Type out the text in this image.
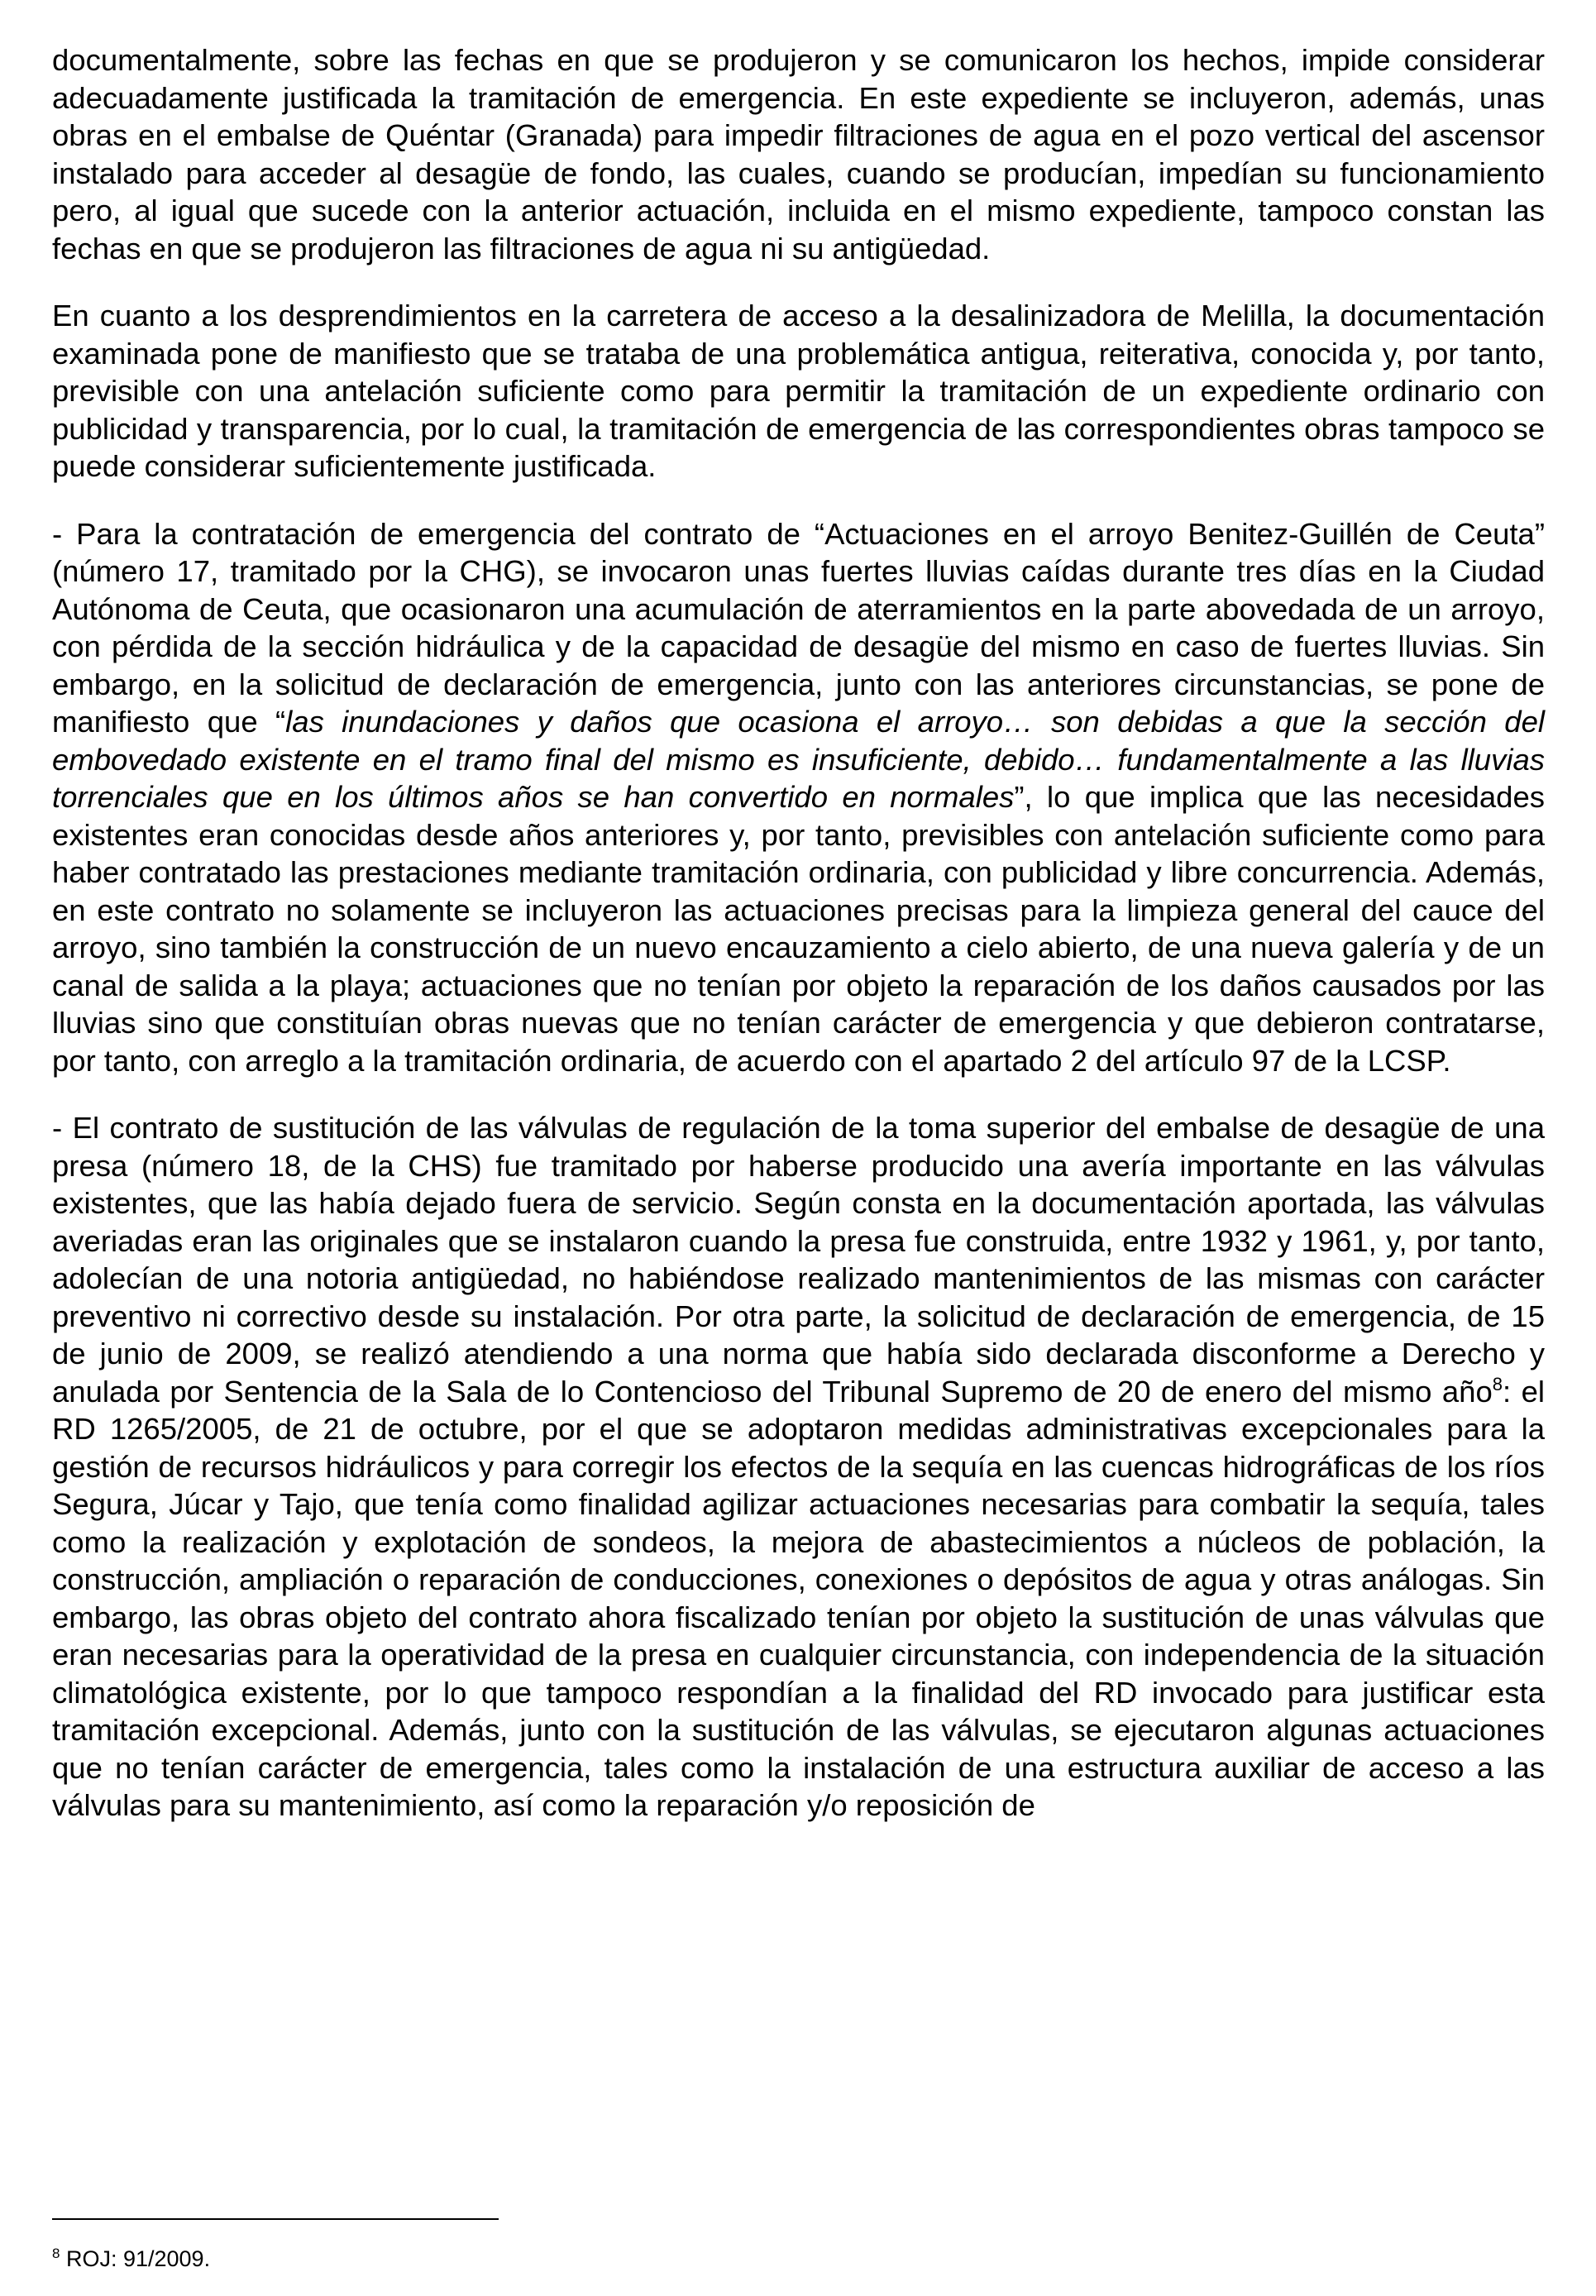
documentalmente, sobre las fechas en que se produjeron y se comunicaron los hechos, impide considerar adecuadamente justificada la tramitación de emergencia. En este expediente se incluyeron, además, unas obras en el embalse de Quéntar (Granada) para impedir filtraciones de agua en el pozo vertical del ascensor instalado para acceder al desagüe de fondo, las cuales, cuando se producían, impedían su funcionamiento pero, al igual que sucede con la anterior actuación, incluida en el mismo expediente, tampoco constan las fechas en que se produjeron las filtraciones de agua ni su antigüedad.

En cuanto a los desprendimientos en la carretera de acceso a la desalinizadora de Melilla, la documentación examinada pone de manifiesto que se trataba de una problemática antigua, reiterativa, conocida y, por tanto, previsible con una antelación suficiente como para permitir la tramitación de un expediente ordinario con publicidad y transparencia, por lo cual, la tramitación de emergencia de las correspondientes obras tampoco se puede considerar suficientemente justificada.

- Para la contratación de emergencia del contrato de “Actuaciones en el arroyo Benitez-Guillén de Ceuta” (número 17, tramitado por la CHG), se invocaron unas fuertes lluvias caídas durante tres días en la Ciudad Autónoma de Ceuta, que ocasionaron una acumulación de aterramientos en la parte abovedada de un arroyo, con pérdida de la sección hidráulica y de la capacidad de desagüe del mismo en caso de fuertes lluvias. Sin embargo, en la solicitud de declaración de emergencia, junto con las anteriores circunstancias, se pone de manifiesto que “las inundaciones y daños que ocasiona el arroyo… son debidas a que la sección del embovedado existente en el tramo final del mismo es insuficiente, debido… fundamentalmente a las lluvias torrenciales que en los últimos años se han convertido en normales”, lo que implica que las necesidades existentes eran conocidas desde años anteriores y, por tanto, previsibles con antelación suficiente como para haber contratado las prestaciones mediante tramitación ordinaria, con publicidad y libre concurrencia. Además, en este contrato no solamente se incluyeron las actuaciones precisas para la limpieza general del cauce del arroyo, sino también la construcción de un nuevo encauzamiento a cielo abierto, de una nueva galería y de un canal de salida a la playa; actuaciones que no tenían por objeto la reparación de los daños causados por las lluvias sino que constituían obras nuevas que no tenían carácter de emergencia y que debieron contratarse, por tanto, con arreglo a la tramitación ordinaria, de acuerdo con el apartado 2 del artículo 97 de la LCSP.

- El contrato de sustitución de las válvulas de regulación de la toma superior del embalse de desagüe de una presa (número 18, de la CHS) fue tramitado por haberse producido una avería importante en las válvulas existentes, que las había dejado fuera de servicio. Según consta en la documentación aportada, las válvulas averiadas eran las originales que se instalaron cuando la presa fue construida, entre 1932 y 1961, y, por tanto, adolecían de una notoria antigüedad, no habiéndose realizado mantenimientos de las mismas con carácter preventivo ni correctivo desde su instalación. Por otra parte, la solicitud de declaración de emergencia, de 15 de junio de 2009, se realizó atendiendo a una norma que había sido declarada disconforme a Derecho y anulada por Sentencia de la Sala de lo Contencioso del Tribunal Supremo de 20 de enero del mismo año$^8$: el RD 1265/2005, de 21 de octubre, por el que se adoptaron medidas administrativas excepcionales para la gestión de recursos hidráulicos y para corregir los efectos de la sequía en las cuencas hidrográficas de los ríos Segura, Júcar y Tajo, que tenía como finalidad agilizar actuaciones necesarias para combatir la sequía, tales como la realización y explotación de sondeos, la mejora de abastecimientos a núcleos de población, la construcción, ampliación o reparación de conducciones, conexiones o depósitos de agua y otras análogas. Sin embargo, las obras objeto del contrato ahora fiscalizado tenían por objeto la sustitución de unas válvulas que eran necesarias para la operatividad de la presa en cualquier circunstancia, con independencia de la situación climatológica existente, por lo que tampoco respondían a la finalidad del RD invocado para justificar esta tramitación excepcional. Además, junto con la sustitución de las válvulas, se ejecutaron algunas actuaciones que no tenían carácter de emergencia, tales como la instalación de una estructura auxiliar de acceso a las válvulas para su mantenimiento, así como la reparación y/o reposición de

$^8$ ROJ: 91/2009.
